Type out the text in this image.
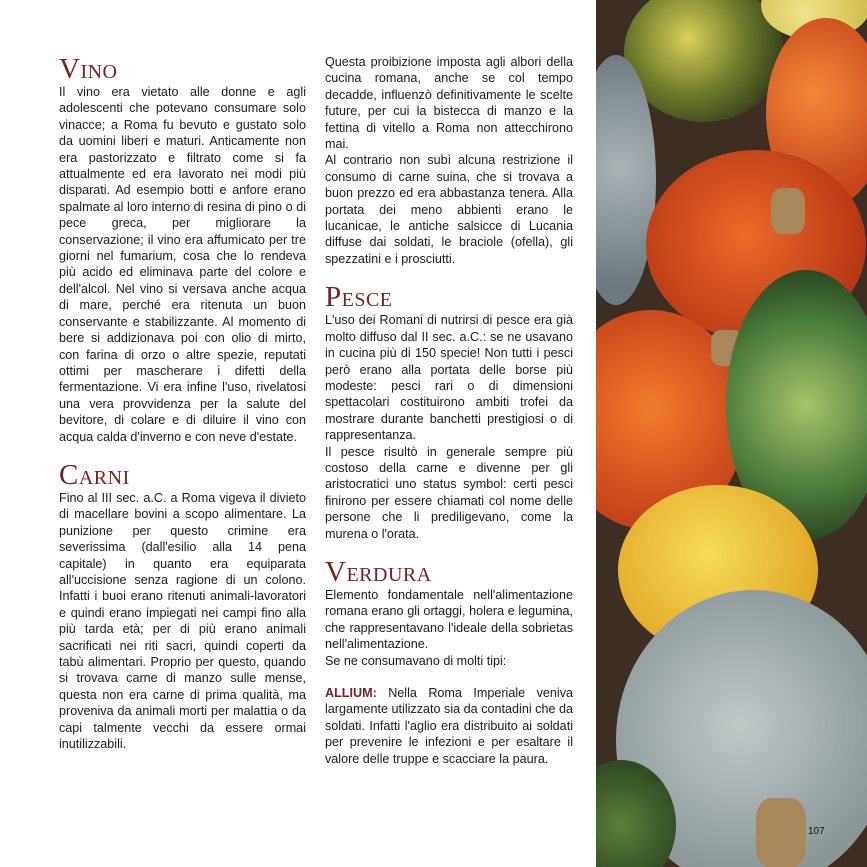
Vino

Il vino era vietato alle donne e agli adolescenti che potevano consumare solo vinacce; a Roma fu bevuto e gustato solo da uomini liberi e maturi. Anticamente non era pastorizzato e filtrato come si fa attualmente ed era lavorato nei modi più disparati. Ad esempio botti e anfore erano spalmate al loro interno di resina di pino o di pece greca, per migliorare la conservazione; il vino era affumicato per tre giorni nel fumarium, cosa che lo rendeva più acido ed eliminava parte del colore e dell'alcol. Nel vino si versava anche acqua di mare, perché era ritenuta un buon conservante e stabilizzante. Al momento di bere si addizionava poi con olio di mirto, con farina di orzo o altre spezie, reputati ottimi per mascherare i difetti della fermentazione. Vi era infine l'uso, rivelatosi una vera provvidenza per la salute del bevitore, di colare e di diluire il vino con acqua calda d'inverno e con neve d'estate.

Carni

Fino al III sec. a.C. a Roma vigeva il divieto di macellare bovini a scopo alimentare. La punizione per questo crimine era severissima (dall'esilio alla 14 pena capitale) in quanto era equiparata all'uccisione senza ragione di un colono. Infatti i buoi erano ritenuti animali-lavoratori e quindi erano impiegati nei campi fino alla più tarda età; per di più erano animali sacrificati nei riti sacri, quindi coperti da tabù alimentari. Proprio per questo, quando si trovava carne di manzo sulle mense, questa non era carne di prima qualità, ma proveniva da animali morti per malattia o da capi talmente vecchi da essere ormai inutilizzabili.

Questa proibizione imposta agli albori della cucina romana, anche se col tempo decadde, influenzò definitivamente le scelte future, per cui la bistecca di manzo e la fettina di vitello a Roma non attecchirono mai.

Al contrario non subì alcuna restrizione il consumo di carne suina, che si trovava a buon prezzo ed era abbastanza tenera. Alla portata dei meno abbienti erano le lucanicae, le antiche salsicce di Lucania diffuse dai soldati, le braciole (ofella), gli spezzatini e i prosciutti.

Pesce

L'uso dei Romani di nutrirsi di pesce era già molto diffuso dal II sec. a.C.: se ne usavano in cucina più di 150 specie! Non tutti i pesci però erano alla portata delle borse più modeste: pesci rari o di dimensioni spettacolari costituirono ambiti trofei da mostrare durante banchetti prestigiosi o di rappresentanza.

Il pesce risultò in generale sempre più costoso della carne e divenne per gli aristocratici uno status symbol: certi pesci finirono per essere chiamati col nome delle persone che li prediligevano, come la murena o l'orata.

Verdura

Elemento fondamentale nell'alimentazione romana erano gli ortaggi, holera e legumina, che rappresentavano l'ideale della sobrietas nell'alimentazione.

Se ne consumavano di molti tipi:

ALLIUM: Nella Roma Imperiale veniva largamente utilizzato sia da contadini che da soldati. Infatti l'aglio era distribuito ai soldati per prevenire le infezioni e per esaltare il valore delle truppe e scacciare la paura.

107
